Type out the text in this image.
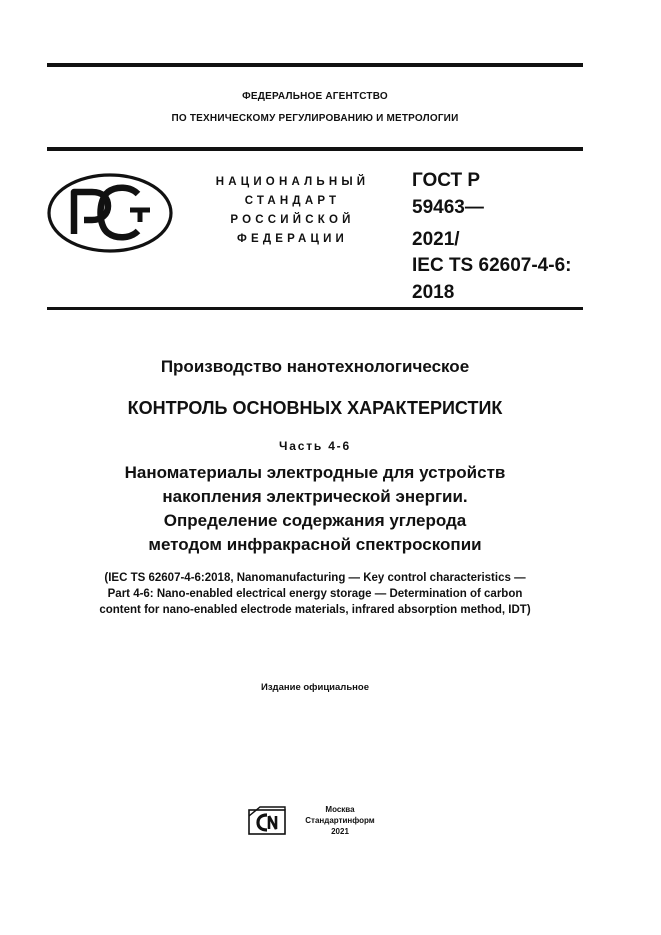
ФЕДЕРАЛЬНОЕ АГЕНТСТВО
ПО ТЕХНИЧЕСКОМУ РЕГУЛИРОВАНИЮ И МЕТРОЛОГИИ
НАЦИОНАЛЬНЫЙ
СТАНДАРТ
РОССИЙСКОЙ
ФЕДЕРАЦИИ
ГОСТ Р
59463—
2021/
IEC TS 62607-4-6:
2018
Производство нанотехнологическое
КОНТРОЛЬ ОСНОВНЫХ ХАРАКТЕРИСТИК
Часть 4-6
Наноматериалы электродные для устройств
накопления электрической энергии.
Определение содержания углерода
методом инфракрасной спектроскопии
(IEC TS 62607-4-6:2018, Nanomanufacturing — Key control characteristics —
Part 4-6: Nano-enabled electrical energy storage — Determination of carbon
content for nano-enabled electrode materials, infrared absorption method, IDT)
Издание официальное
Москва
Стандартинформ
2021
